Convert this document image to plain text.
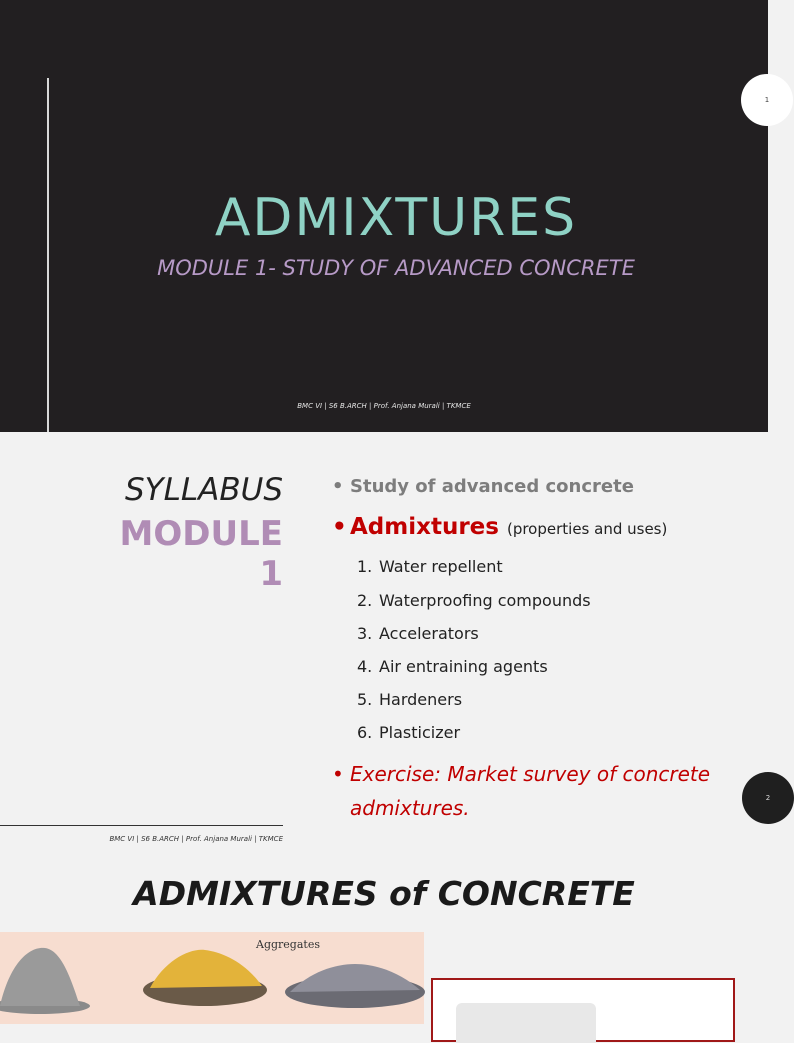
ADMIXTURES
MODULE 1- STUDY OF ADVANCED CONCRETE
BMC VI | S6 B.ARCH | Prof. Anjana Murali | TKMCE
1
SYLLABUS
MODULE 1
• Study of advanced concrete
• Admixtures (properties and uses)
1. Water repellent
2. Waterproofing compounds
3. Accelerators
4. Air entraining agents
5. Hardeners
6. Plasticizer
• Exercise: Market survey of concrete
admixtures.
BMC VI | S6 B.ARCH | Prof. Anjana Murali | TKMCE
2
ADMIXTURES of CONCRETE
Aggregates
